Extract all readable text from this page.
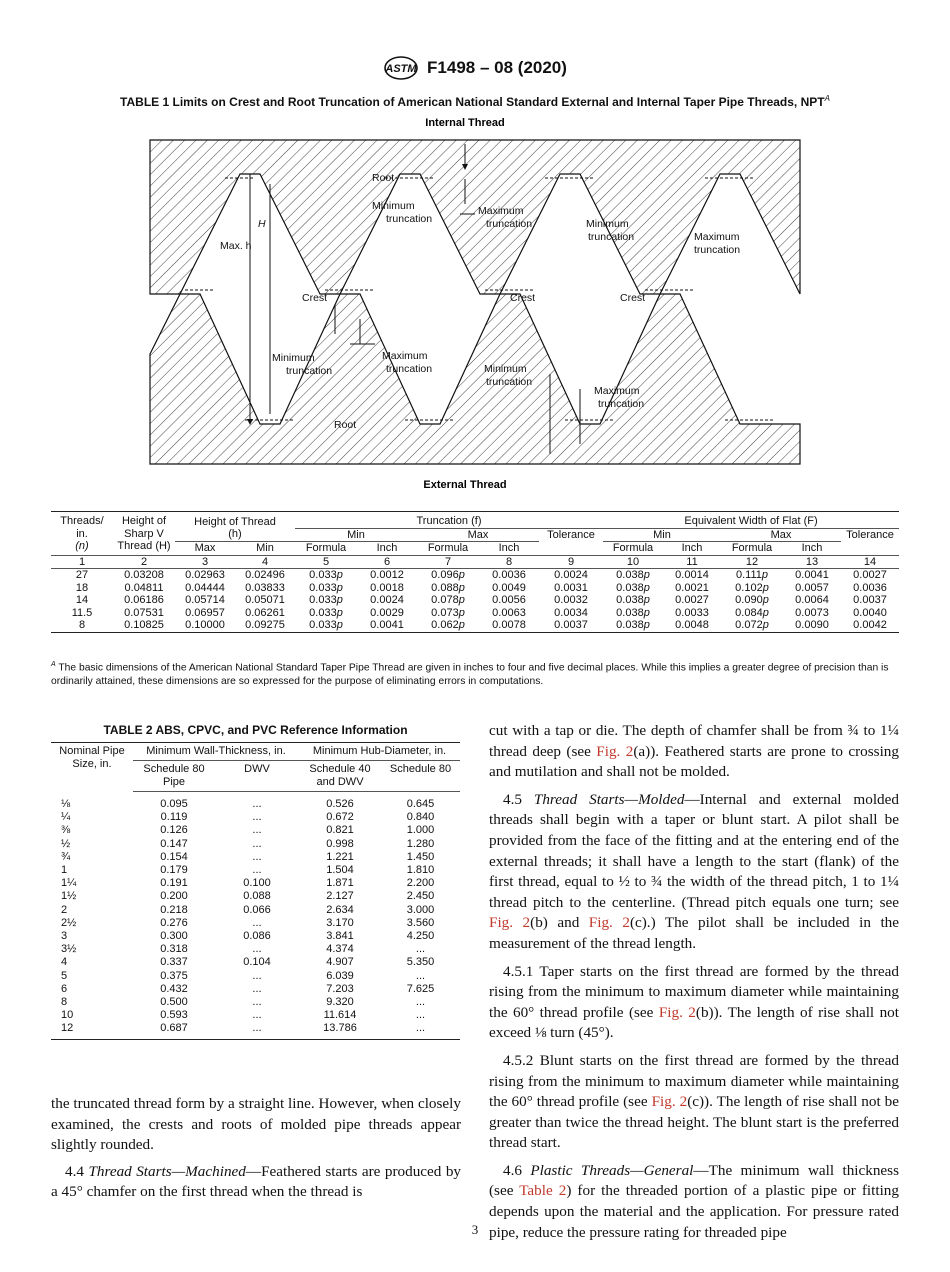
ASTM F1498 – 08 (2020)
TABLE 1 Limits on Crest and Root Truncation of American National Standard External and Internal Taper Pipe Threads, $NPT^A$
Internal Thread
Root
Minimum
truncation
Maximum
truncation	Minimum
truncation	Maximum
truncation
H
Max. h
Crest	Crest	Crest
Minimum
truncation
Maximum
truncation	Minimum
truncation
Maximum
truncation
Root
External Thread
Threads/ in.
(n)	Height of Sharp V Thread (H)	Height of Thread
(h)		Truncation (f)					Equivalent Width of Flat (F)				
				Min		Max		Tolerance	Min		Max		Tolerance
		Max	Min	Formula	Inch	Formula	Inch		Formula	Inch	Formula	Inch	
1	2	3	4	5	6	7	8	9	10	11	12	13	14
27	0.03208	0.02963	0.02496	0.033p	0.0012	0.096p	0.0036	0.0024	0.038p	0.0014	0.111p	0.0041	0.0027
18	0.04811	0.04444	0.03833	0.033p	0.0018	0.088p	0.0049	0.0031	0.038p	0.0021	0.102p	0.0057	0.0036
14	0.06186	0.05714	0.05071	0.033p	0.0024	0.078p	0.0056	0.0032	0.038p	0.0027	0.090p	0.0064	0.0037
11.5	0.07531	0.06957	0.06261	0.033p	0.0029	0.073p	0.0063	0.0034	0.038p	0.0033	0.084p	0.0073	0.0040
8	0.10825	0.10000	0.09275	0.033p	0.0041	0.062p	0.0078	0.0037	0.038p	0.0048	0.072p	0.0090	0.0042
$^A$ The basic dimensions of the American National Standard Taper Pipe Thread are given in inches to four and five decimal places. While this implies a greater degree of precision than is ordinarily attained, these dimensions are so expressed for the purpose of eliminating errors in computations.
TABLE 2 ABS, CPVC, and PVC Reference Information
Nominal Pipe Size, in.	Minimum Wall-Thickness, in.		Minimum Hub-Diameter, in.	
	Schedule 80 Pipe	DWV	Schedule 40 and DWV	Schedule 80
⅛	0.095	...	0.526	0.645
¼	0.119	...	0.672	0.840
⅜	0.126	...	0.821	1.000
½	0.147	...	0.998	1.280
¾	0.154	...	1.221	1.450
1	0.179	...	1.504	1.810
1¼	0.191	0.100	1.871	2.200
1½	0.200	0.088	2.127	2.450
2	0.218	0.066	2.634	3.000
2½	0.276	...	3.170	3.560
3	0.300	0.086	3.841	4.250
3½	0.318	...	4.374	...
4	0.337	0.104	4.907	5.350
5	0.375	...	6.039	...
6	0.432	...	7.203	7.625
8	0.500	...	9.320	...
10	0.593	...	11.614	...
12	0.687	...	13.786	...

the truncated thread form by a straight line. However, when closely examined, the crests and roots of molded pipe threads appear slightly rounded.

4.4 Thread Starts—Machined—Feathered starts are produced by a 45° chamfer on the first thread when the thread is

cut with a tap or die. The depth of chamfer shall be from ¾ to 1¼ thread deep (see Fig. 2(a)). Feathered starts are prone to crossing and mutilation and shall not be molded.

4.5 Thread Starts—Molded—Internal and external molded threads shall begin with a taper or blunt start. A pilot shall be provided from the face of the fitting and at the entering end of the external threads; it shall have a length to the start (flank) of the first thread, equal to ½ to ¾ the width of the thread pitch, 1 to 1¼ thread pitch to the centerline. (Thread pitch equals one turn; see Fig. 2(b) and Fig. 2(c).) The pilot shall be included in the measurement of the thread length.

4.5.1 Taper starts on the first thread are formed by the thread rising from the minimum to maximum diameter while maintaining the 60° thread profile (see Fig. 2(b)). The length of rise shall not exceed ⅛ turn (45°).

4.5.2 Blunt starts on the first thread are formed by the thread rising from the minimum to maximum diameter while maintaining the 60° thread profile (see Fig. 2(c)). The length of rise shall not be greater than twice the thread height. The blunt start is the preferred thread start.

4.6 Plastic Threads—General—The minimum wall thickness (see Table 2) for the threaded portion of a plastic pipe or fitting depends upon the material and the application. For pressure rated pipe, reduce the pressure rating for threaded pipe

3
